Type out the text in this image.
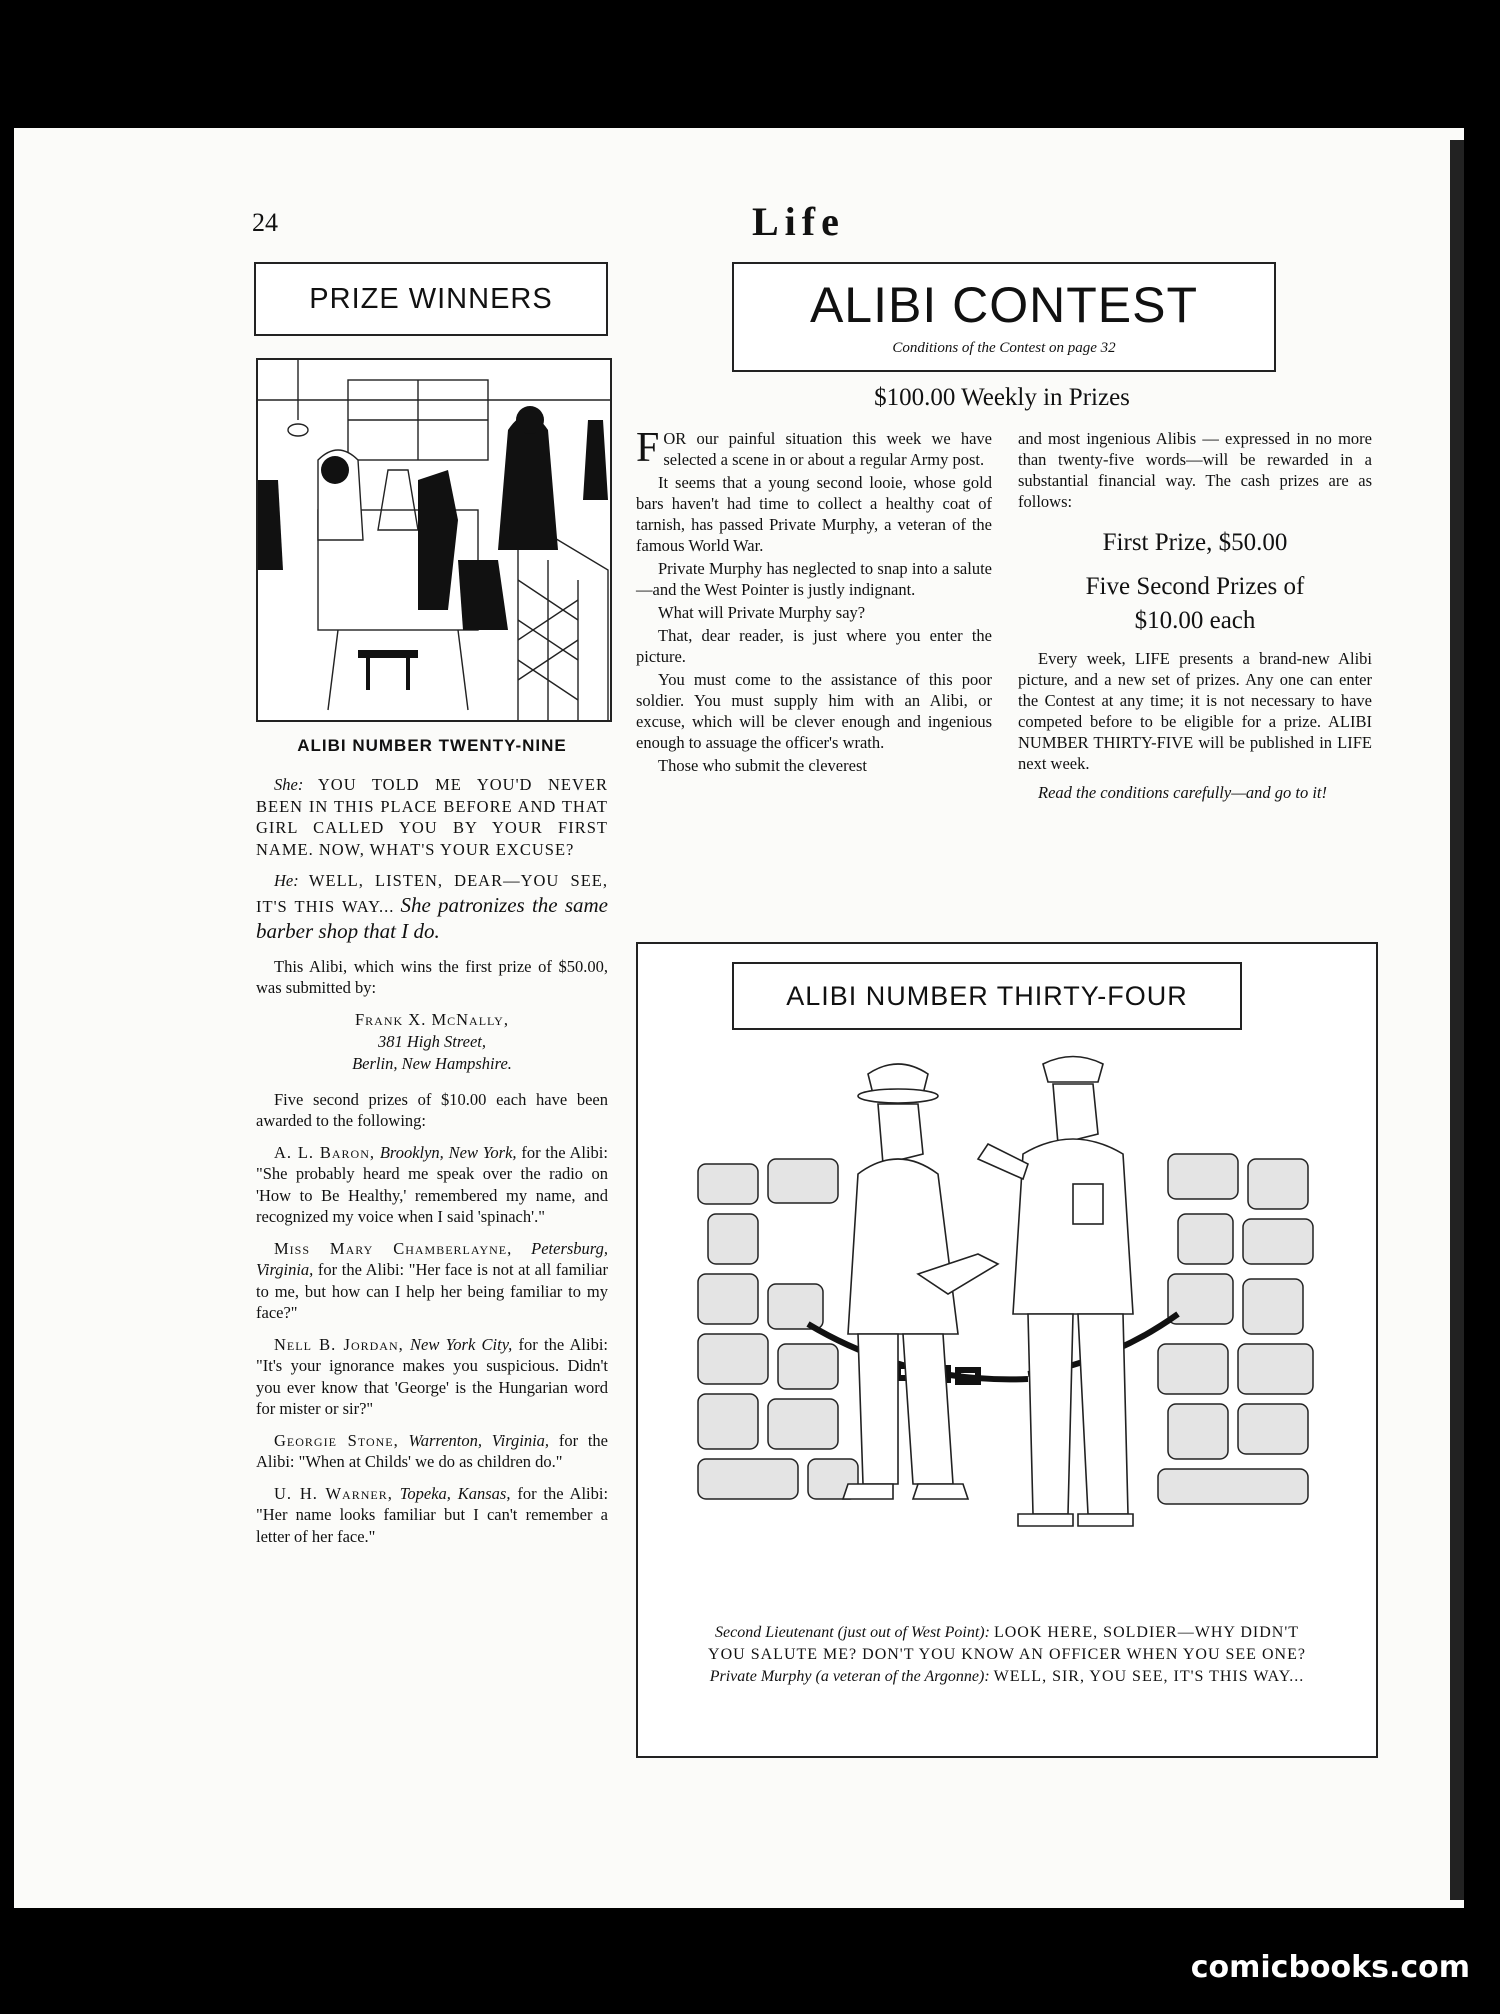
24	Life
PRIZE WINNERS
ALIBI NUMBER TWENTY-NINE

She: YOU TOLD ME YOU'D NEVER BEEN IN THIS PLACE BEFORE AND THAT GIRL CALLED YOU BY YOUR FIRST NAME. NOW, WHAT'S YOUR EXCUSE?

He: WELL, LISTEN, DEAR—YOU SEE, IT'S THIS WAY... She patronizes the same barber shop that I do.

This Alibi, which wins the first prize of $50.00, was submitted by:

Frank X. McNally,
381 High Street,
Berlin, New Hampshire.

Five second prizes of $10.00 each have been awarded to the following:

A. L. Baron, Brooklyn, New York, for the Alibi: "She probably heard me speak over the radio on 'How to Be Healthy,' remembered my name, and recognized my voice when I said 'spinach'."

Miss Mary Chamberlayne, Petersburg, Virginia, for the Alibi: "Her face is not at all familiar to me, but how can I help her being familiar to my face?"

Nell B. Jordan, New York City, for the Alibi: "It's your ignorance makes you suspicious. Didn't you ever know that 'George' is the Hungarian word for mister or sir?"

Georgie Stone, Warrenton, Virginia, for the Alibi: "When at Childs' we do as children do."

U. H. Warner, Topeka, Kansas, for the Alibi: "Her name looks familiar but I can't remember a letter of her face."

ALIBI CONTEST
Conditions of the Contest on page 32
$100.00 Weekly in Prizes

FOR our painful situation this week we have selected a scene in or about a regular Army post.

It seems that a young second looie, whose gold bars haven't had time to collect a healthy coat of tarnish, has passed Private Murphy, a veteran of the famous World War.

Private Murphy has neglected to snap into a salute—and the West Pointer is justly indignant.

What will Private Murphy say?

That, dear reader, is just where you enter the picture.

You must come to the assistance of this poor soldier. You must supply him with an Alibi, or excuse, which will be clever enough and ingenious enough to assuage the officer's wrath.

Those who submit the cleverest

and most ingenious Alibis — expressed in no more than twenty-five words—will be rewarded in a substantial financial way. The cash prizes are as follows:

First Prize, $50.00
Five Second Prizes of
$10.00 each

Every week, LIFE presents a brand-new Alibi picture, and a new set of prizes. Any one can enter the Contest at any time; it is not necessary to have competed before to be eligible for a prize. ALIBI NUMBER THIRTY-FIVE will be published in LIFE next week.

Read the conditions carefully—and go to it!

ALIBI NUMBER THIRTY-FOUR
Second Lieutenant (just out of West Point): LOOK HERE, SOLDIER—WHY DIDN'T YOU SALUTE ME? DON'T YOU KNOW AN OFFICER WHEN YOU SEE ONE?
Private Murphy (a veteran of the Argonne): WELL, SIR, YOU SEE, IT'S THIS WAY...
comicbooks.com
